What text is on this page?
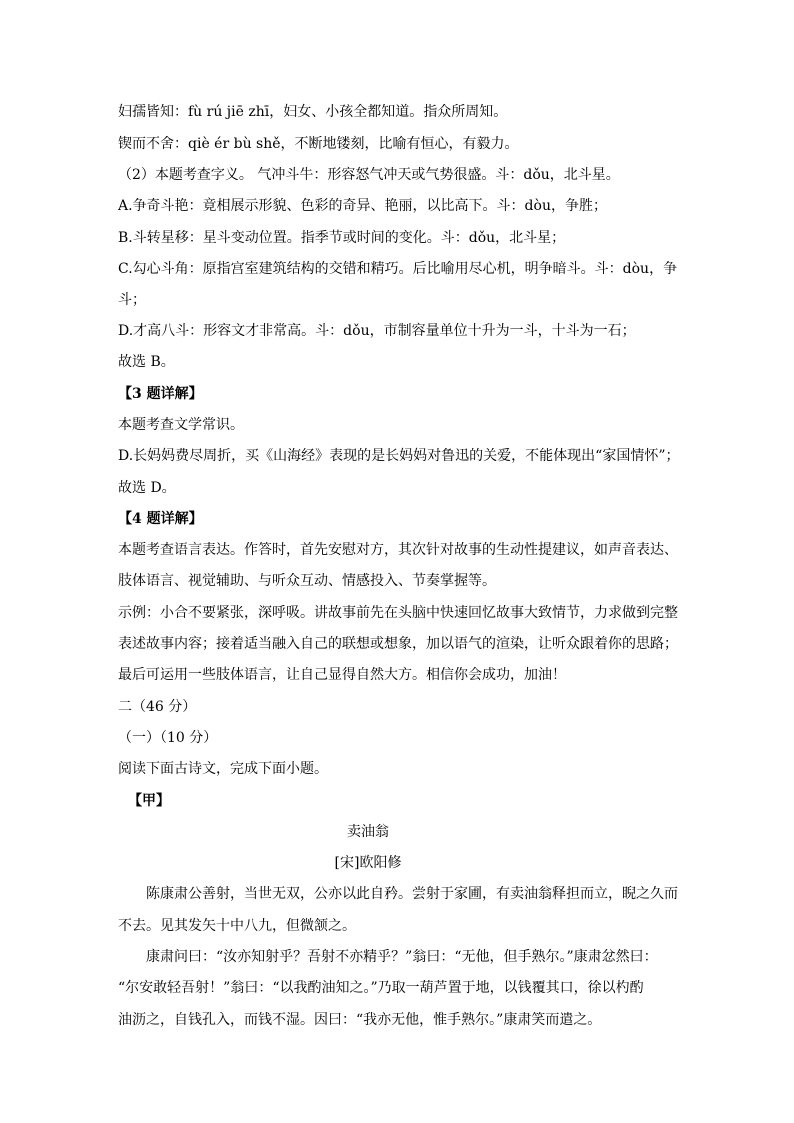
妇孺皆知：fù rú jiē zhī，妇女、小孩全都知道。指众所周知。
锲而不舍：qiè ér bù shě，不断地镂刻，比喻有恒心，有毅力。
（2）本题考查字义。 气冲斗牛：形容怒气冲天或气势很盛。斗：dǒu，北斗星。
A.争奇斗艳：竟相展示形貌、色彩的奇异、艳丽，以比高下。斗：dòu，争胜；
B.斗转星移：星斗变动位置。指季节或时间的变化。斗：dǒu，北斗星；
C.勾心斗角：原指宫室建筑结构的交错和精巧。后比喻用尽心机，明争暗斗。斗：dòu，争
斗；
D.才高八斗：形容文才非常高。斗：dǒu，市制容量单位十升为一斗，十斗为一石；
故选 B。
【3 题详解】
本题考查文学常识。
D.长妈妈费尽周折，买《山海经》表现的是长妈妈对鲁迅的关爱，不能体现出“家国情怀”；
故选 D。
【4 题详解】
本题考查语言表达。作答时，首先安慰对方，其次针对故事的生动性提建议，如声音表达、
肢体语言、视觉辅助、与听众互动、情感投入、节奏掌握等。
示例：小合不要紧张，深呼吸。讲故事前先在头脑中快速回忆故事大致情节，力求做到完整
表述故事内容；接着适当融入自己的联想或想象，加以语气的渲染，让听众跟着你的思路；
最后可运用一些肢体语言，让自己显得自然大方。相信你会成功，加油！
二（46 分）
（一）（10 分）
阅读下面古诗文，完成下面小题。
【甲】
卖油翁
[宋]欧阳修
陈康肃公善射，当世无双，公亦以此自矜。尝射于家圃，有卖油翁释担而立，睨之久而
不去。见其发矢十中八九，但微颔之。
康肃问曰：“汝亦知射乎？吾射不亦精乎？”翁曰：“无他，但手熟尔。”康肃忿然曰：
“尔安敢轻吾射！”翁曰：“以我酌油知之。”乃取一葫芦置于地，以钱覆其口，徐以杓酌
油沥之，自钱孔入，而钱不湿。因曰：“我亦无他，惟手熟尔。”康肃笑而遣之。
